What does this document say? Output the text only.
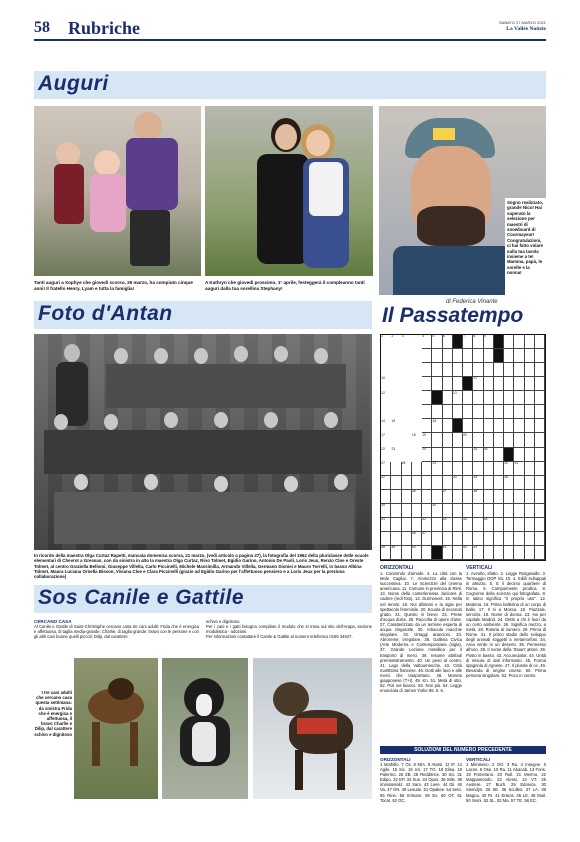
58 Rubriche	SABATO 27 MARZO 2021
La Vallée Notizie
Auguri
Tanti auguri a Sophye che giovedì scorso, 25 marzo, ha compiuto cinque anni! Il fratello Henry, Lyam e tutta la famiglia!
A Kathryn che giovedì prossimo, 1° aprile, festeggerà il compleanno tanti auguri dalla tua sorellina Stephany!
Sogno realizzato, grande Nico! Hai superato la selezione per maestri di snowboard di Courmayeur! Congratulazioni, ci hai fatto volare sulla tua tavola insieme a te! Mamma, papà, le sorelle e la nonna!
Foto d'Antan
In ricordo della maestra Olga Curtaz Rapetti, mancata domenica scorsa, 21 marzo, (vedi articolo a pagina 27), la fotografia del 1962 della pluriclasse delle scuole elementari di Chevrot a Gressan, con da sinistra in alto la maestra Olga Curtaz, Rino Tolmet, Egidio Garino, Antonio De Paoli, Loris Jeux, Renzo Cloe e Oreste Tolmet, al centro Graziella Bellomi, Giuseppe Villella, Carlo Piccinelli, Michele Massimilla, Armando Villella, Germano Dioniei e Mauro Torrelli, in basso Albina Tolmet, Maura Luciana Ornella Bisson, Viviana Cloe e Clara Piccinelli (grazie ad Egidio Garino per l'affettuoso pensiero e a Loris Jeux per la preziosa collaborazione)
Sos Canile e Gattile
CERCANO CASA
Al Canile e Gattile di Saint-Christophe cercano casa tre cani adulti: Frida che è energica e affettuosa, di taglia media-grande; Charlie, di taglia grande, bravo con le persone e con gli altri cani buone quelli piccoli; Dilip, dal carattere
schivo e dignitoso.
Per i cani e i gatti bisogna compilare il modulo che si trova sul sito dell'Arapa, sezione modulistica - adozioni.
Per informazioni contattare il Canile & Gattile al numero telefonico 0165 34627.
I tre cani adulti che cercano casa questa settimana: da sinistra Frida che è energica e affettuosa, il bravo Charlie e Dilip, dal carattere schivo e dignitoso
di Federica Vinante
Il Passatempo
1	2	3	4	5	6	7	8	9
10	11
12	13
14	15	16
17	18	19	20
22	23	24	25	26
27	28	29	30	31
32	33	34	35
36	37	38
39	40
41	42	43	44	45
46	47
48	49	50	51	52	53
ORIZZONTALI
1. Contorndo d'amode. 4. La città con la Mole Cagliai. 7. Ammezzo alla classe successiva. 10. Le Scienzize del cinema americana. 11. Comune in provincia di Rieti. 13. Nome della canterlenessa Juniores di cadere (redi foto). 14. Durmoneis. 15. Nella nel tennis. 18. Noi diliimari e la sigla per spettacolo femminile. 20. Scuola di secondo grado. 21. Questo in breve. 22. Prese d'acqua dolce. 25. Raccolta di opere d'arte. 27. Caratterizzato da un termine esperta di acqua zingarotte. 30. Artiacula macchie singolare. 32. Ortaggi arancioni. 33. Abroreme; irregolare. 38. Galleria Civica (Arte Moderna e Contemporanea (sigla). 37. Grande Lezione metallica per il trasporto di merci. 39. Insume attributi prerministramento. 40. Un peso al centro. 41. Lago della Valtournenche. 42. Città maritttima francese. 46. Dotti alle lavo e alle merci che trasportano. 48. Moneta giapponese (T+t). 49. Kn. 51. Metà di otto. 52. Poli nel bianco. 53. Non più. 54. Legge enunciata di James Yorke 86. 5. 6.
VERTICALI
1. Avvolto, sfatto. 2. Legge Rosgesalle. 3. Termaggio DOP Va. 10. 4. Ediili sviluppati in altezza. 5. E il decimo quartiere di Roma. 6. Compoimente prodica. 8. Cognome della scienza qui fotografata. 9. In latino significa "il proprio uso". 12. Modena. 16. Prima ballerina di un corpo di ballo. 17. Il si a Mosca. 18. Piazzale, servizio. 19. Nome di donna. 23. Ha per capitale Madrid. 24. Detto a chi è fuori da un certo ambiente. 26. Significa mezzo, a metà. 28. Rotaria di numero. 29. Prima di Rome. 31. Il primo stadio dello sviluppo degli animali soggetti a metamorfosi. 34. Area verde in un deserto. 35. Permesso all'uso. 38. Il nome della 'Stuart' attore. 39. Posto in basso. 43. Accumulator. 44. Unità di misura di dati informatici. 45. Forma spagnola di Agnese. 47. Il plurale di ce. 49. Bevanda di origine cinese. 50. Prima persona singolare. 52. Poco in centro.
SOLUZIONI DEL NUMERO PRECEDENTE
ORIZZONTALI
1 Morbillo. 7 Ox. 8 MIA. 9 Atarsi. 12 IF. 14 Agile. 15 Sic. 16 Ics. 17 TO. 18 Elisa. 19 Palermo. 26 ZB. 28 Redditrice. 30 Sci. 31 Edipo. 32 EP. 33 Sus. 34 Opus. 38 Stile. 38 Immaterializ. 42 Sam. 43 Liere. 44 Dil. 46 Va. 47 GN. 49 Lesude. 51 Opakee. 54 Seto. 55 Rine. 56 Irrimare. 59 Ex. 60 OT. 61 Tocat. 62 OC.
VERTICALI
1 Mimiseno. 2 OO. 3 Ra. 4 Insegne. 5 Lacne. 6 Ose. 10 Ra. 11 Abacab. 13 Foris. 19 Pomerano. 20 Rull. 21 Mermo. 22 Mappamondo. 23 Alessi. 24 VT. 25 Austere. 27 Buch. 29 Edonica. 30 Siemdys. 35 SE. 36 Sculleo. 37 LA. 39 Magna. 40 RI. 41 Erteos. 45 LE. 48 Mail. 50 Semi. 52 SL. 53 Ma. 57 TE. 58 EC.
